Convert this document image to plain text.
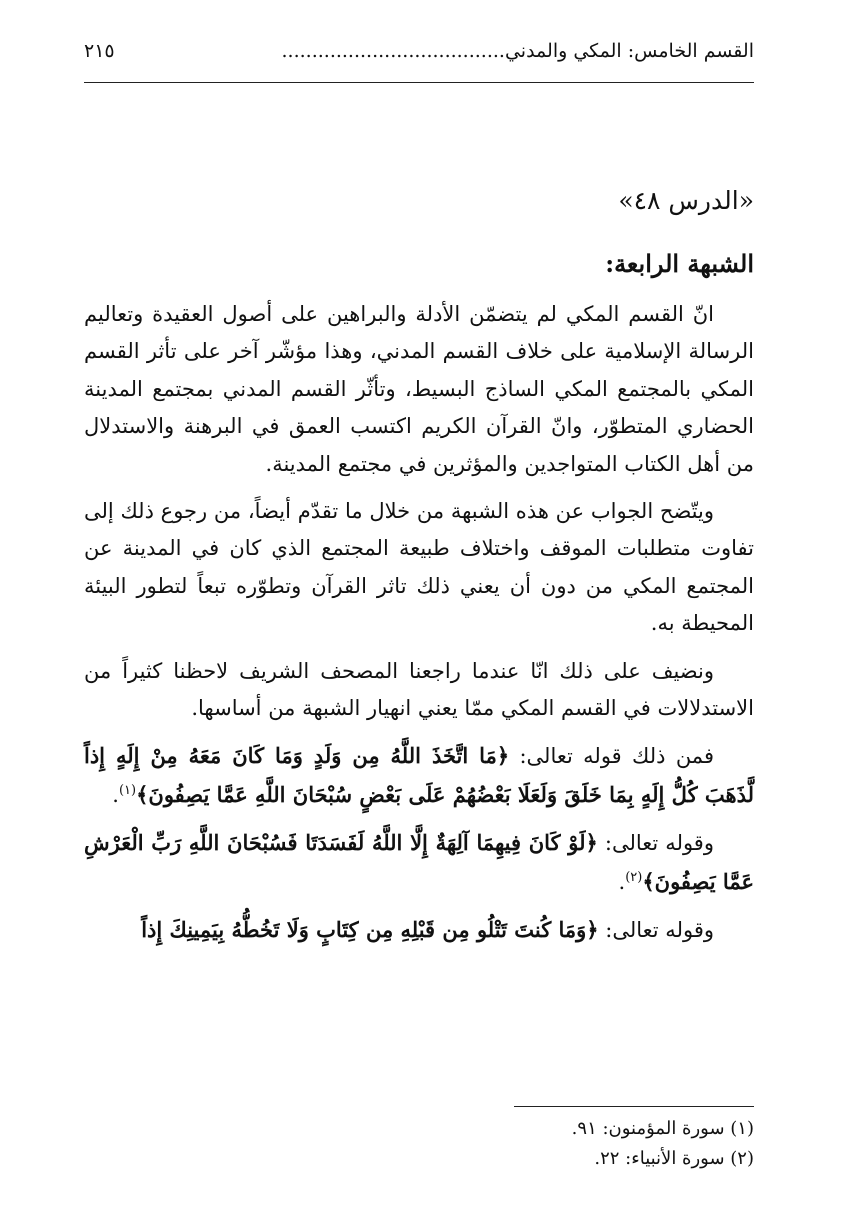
القسم الخامس: المكي والمدني.....................................
٢١٥
«الدرس ٤٨»
الشبهة الرابعة:

انّ القسم المكي لم يتضمّن الأدلة والبراهين على أصول العقيدة وتعاليم الرسالة الإسلامية على خلاف القسم المدني، وهذا مؤشّر آخر على تأثر القسم المكي بالمجتمع المكي الساذج البسيط، وتأثّر القسم المدني بمجتمع المدينة الحضاري المتطوّر، وانّ القرآن الكريم اكتسب العمق في البرهنة والاستدلال من أهل الكتاب المتواجدين والمؤثرين في مجتمع المدينة.

ويتّضح الجواب عن هذه الشبهة من خلال ما تقدّم أيضاً، من رجوع ذلك إلى تفاوت متطلبات الموقف واختلاف طبيعة المجتمع الذي كان في المدينة عن المجتمع المكي من دون أن يعني ذلك تاثر القرآن وتطوّره تبعاً لتطور البيئة المحيطة به.

ونضيف على ذلك انّا عندما راجعنا المصحف الشريف لاحظنا كثيراً من الاستدلالات في القسم المكي ممّا يعني انهيار الشبهة من أساسها.

فمن ذلك قوله تعالى: ﴿مَا اتَّخَذَ اللَّهُ مِن وَلَدٍ وَمَا كَانَ مَعَهُ مِنْ إِلَهٍ إِذاً لَّذَهَبَ كُلُّ إِلَهٍ بِمَا خَلَقَ وَلَعَلَا بَعْضُهُمْ عَلَى بَعْضٍ سُبْحَانَ اللَّهِ عَمَّا يَصِفُونَ﴾$^{(١)}$.

وقوله تعالى: ﴿لَوْ كَانَ فِيهِمَا آلِهَةٌ إِلَّا اللَّهُ لَفَسَدَتَا فَسُبْحَانَ اللَّهِ رَبِّ الْعَرْشِ عَمَّا يَصِفُونَ﴾$^{(٢)}$.

وقوله تعالى: ﴿وَمَا كُنتَ تَتْلُو مِن قَبْلِهِ مِن كِتَابٍ وَلَا تَخُطُّهُ بِيَمِينِكَ إِذاً

(١) سورة المؤمنون: ٩١.
(٢) سورة الأنبياء: ٢٢.
